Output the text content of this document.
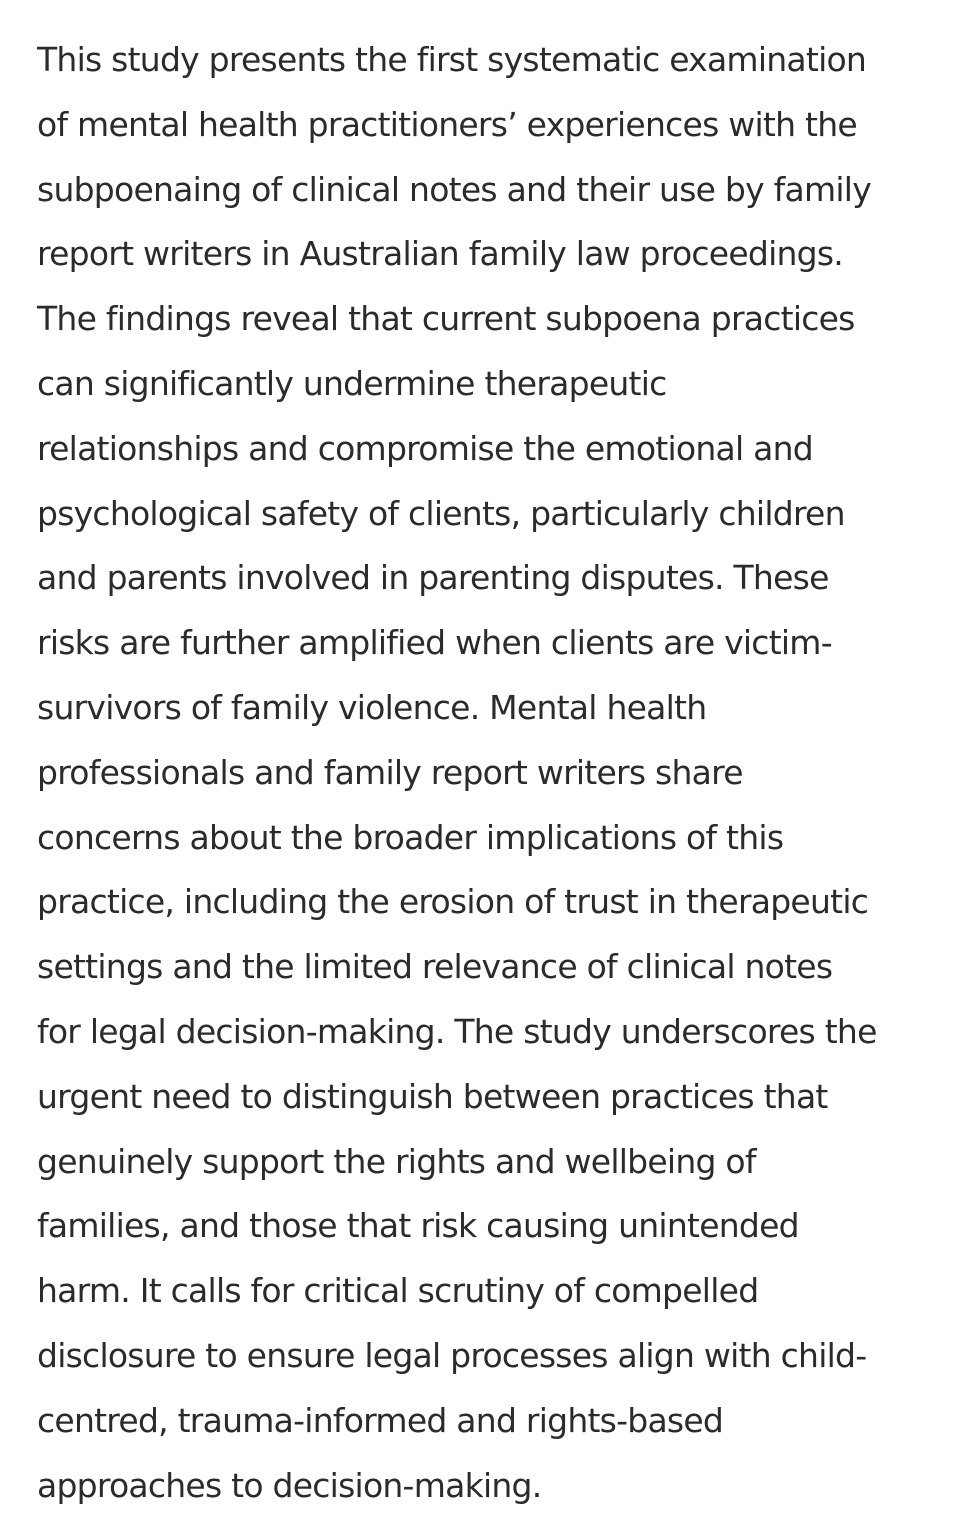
This study presents the first systematic examination
of mental health practitioners’ experiences with the
subpoenaing of clinical notes and their use by family
report writers in Australian family law proceedings.
The findings reveal that current subpoena practices
can significantly undermine therapeutic
relationships and compromise the emotional and
psychological safety of clients, particularly children
and parents involved in parenting disputes. These
risks are further amplified when clients are victim-
survivors of family violence. Mental health
professionals and family report writers share
concerns about the broader implications of this
practice, including the erosion of trust in therapeutic
settings and the limited relevance of clinical notes
for legal decision-making. The study underscores the
urgent need to distinguish between practices that
genuinely support the rights and wellbeing of
families, and those that risk causing unintended
harm. It calls for critical scrutiny of compelled
disclosure to ensure legal processes align with child-
centred, trauma-informed and rights-based
approaches to decision-making.
